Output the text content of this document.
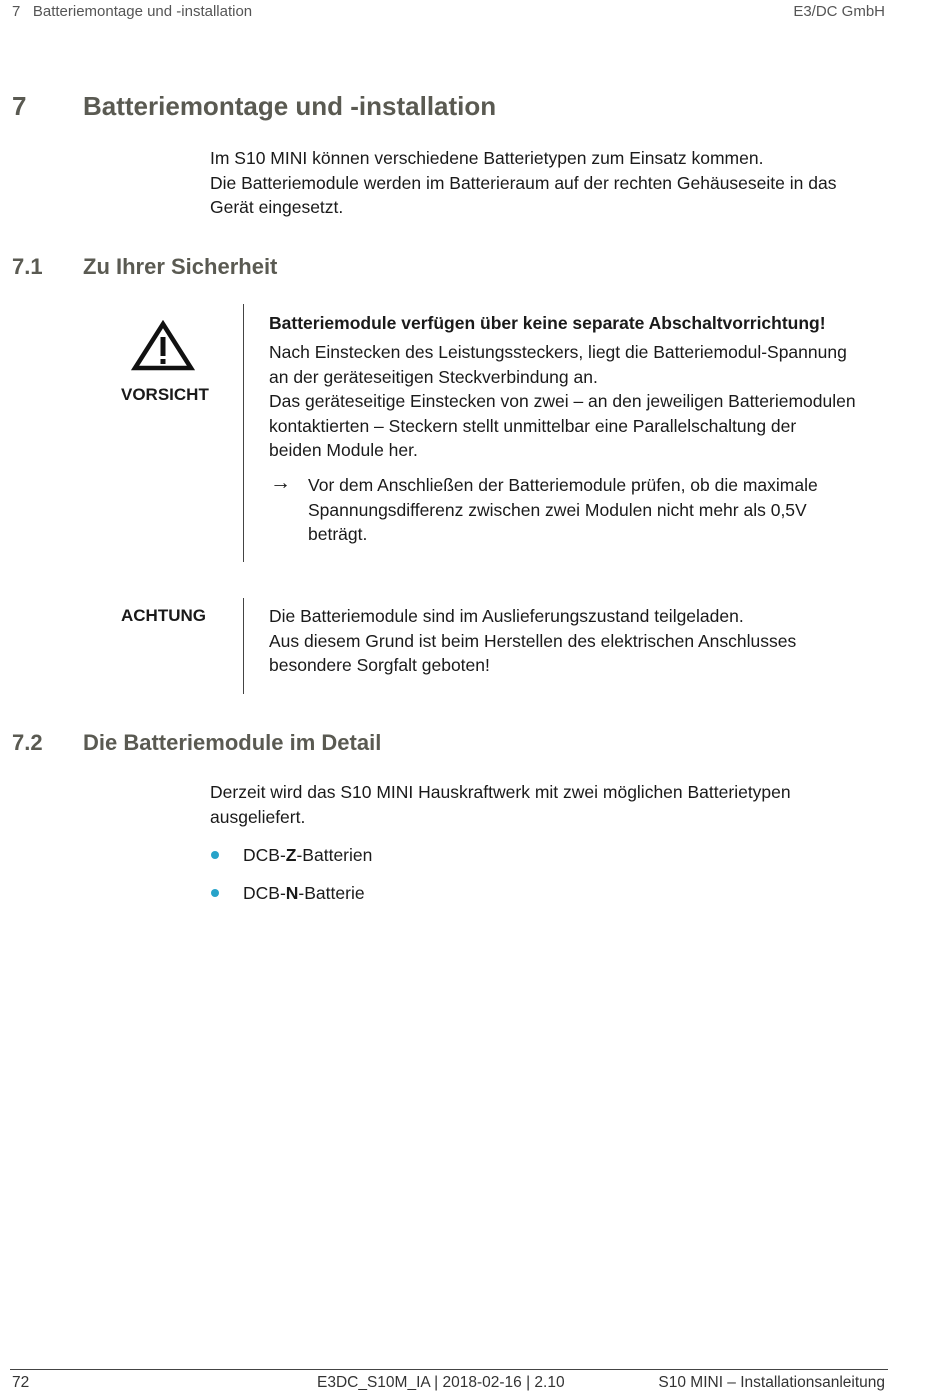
7   Batteriemontage und -installation	E3/DC GmbH
7 Batteriemontage und -installation
Im S10 MINI können verschiedene Batterietypen zum Einsatz kommen.
Die Batteriemodule werden im Batterieraum auf der rechten Gehäuseseite in das
Gerät eingesetzt.
7.1 Zu Ihrer Sicherheit
VORSICHT
Batteriemodule verfügen über keine separate Abschaltvorrichtung!
Nach Einstecken des Leistungssteckers, liegt die Batteriemodul-Spannung
an der geräteseitigen Steckverbindung an.
Das geräteseitige Einstecken von zwei – an den jeweiligen Batteriemodulen
kontaktierten – Steckern stellt unmittelbar eine Parallelschaltung der
beiden Module her.
→ Vor dem Anschließen der Batteriemodule prüfen, ob die maximale
Spannungsdifferenz zwischen zwei Modulen nicht mehr als 0,5V
beträgt.
ACHTUNG	Die Batteriemodule sind im Auslieferungszustand teilgeladen.
Aus diesem Grund ist beim Herstellen des elektrischen Anschlusses
besondere Sorgfalt geboten!
7.2 Die Batteriemodule im Detail
Derzeit wird das S10 MINI Hauskraftwerk mit zwei möglichen Batterietypen
ausgeliefert.
DCB-Z-Batterien
DCB-N-Batterie
72	E3DC_S10M_IA | 2018-02-16 | 2.10	S10 MINI – Installationsanleitung
